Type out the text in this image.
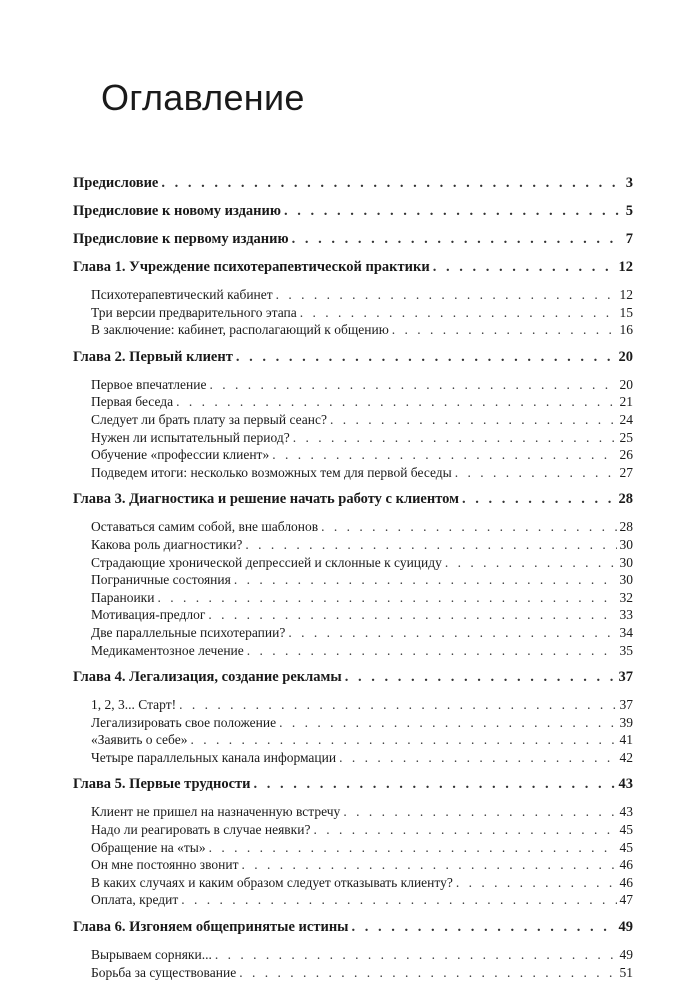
Оглавление
Предисловие . . .	3
Предисловие к новому изданию . . .	5
Предисловие к первому изданию . . .	7
Глава 1. Учреждение психотерапевтической практики . . .	12
Психотерапевтический кабинет . . .	12
Три версии предварительного этапа . . .	15
В заключение: кабинет, располагающий к общению . . .	16
Глава 2. Первый клиент . . .	20
Первое впечатление . . .	20
Первая беседа . . .	21
Следует ли брать плату за первый сеанс? . . .	24
Нужен ли испытательный период? . . .	25
Обучение «профессии клиент» . . .	26
Подведем итоги: несколько возможных тем для первой беседы . . .	27
Глава 3. Диагностика и решение начать работу с клиентом . . .	28
Оставаться самим собой, вне шаблонов . . .	28
Какова роль диагностики? . . .	30
Страдающие хронической депрессией и склонные к суициду . . .	30
Пограничные состояния . . .	30
Параноики . . .	32
Мотивация-предлог . . .	33
Две параллельные психотерапии? . . .	34
Медикаментозное лечение . . .	35
Глава 4. Легализация, создание рекламы . . .	37
1, 2, 3... Старт! . . .	37
Легализировать свое положение . . .	39
«Заявить о себе» . . .	41
Четыре параллельных канала информации . . .	42
Глава 5. Первые трудности . . .	43
Клиент не пришел на назначенную встречу . . .	43
Надо ли реагировать в случае неявки? . . .	45
Обращение на «ты» . . .	45
Он мне постоянно звонит . . .	46
В каких случаях и каким образом следует отказывать клиенту? . . .	46
Оплата, кредит . . .	47
Глава 6. Изгоняем общепринятые истины . . .	49
Вырываем сорняки... . . .	49
Борьба за существование . . .	51
